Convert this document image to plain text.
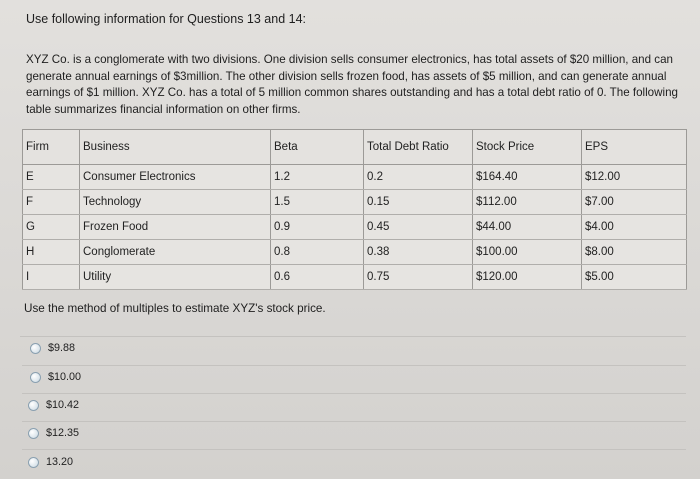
Use following information for Questions 13 and 14:
XYZ Co. is a conglomerate with two divisions. One division sells consumer electronics, has total assets of $20 million, and can generate annual earnings of $3million. The other division sells frozen food, has assets of $5 million, and can generate annual earnings of $1 million. XYZ Co. has a total of 5 million common shares outstanding and has a total debt ratio of 0. The following table summarizes financial information on other firms.
Firm	Business	Beta	Total Debt Ratio	Stock Price	EPS
E	Consumer Electronics	1.2	0.2	$164.40	$12.00
F	Technology	1.5	0.15	$112.00	$7.00
G	Frozen Food	0.9	0.45	$44.00	$4.00
H	Conglomerate	0.8	0.38	$100.00	$8.00
I	Utility	0.6	0.75	$120.00	$5.00
Use the method of multiples to estimate XYZ's stock price.
$9.88
$10.00
$10.42
$12.35
13.20
